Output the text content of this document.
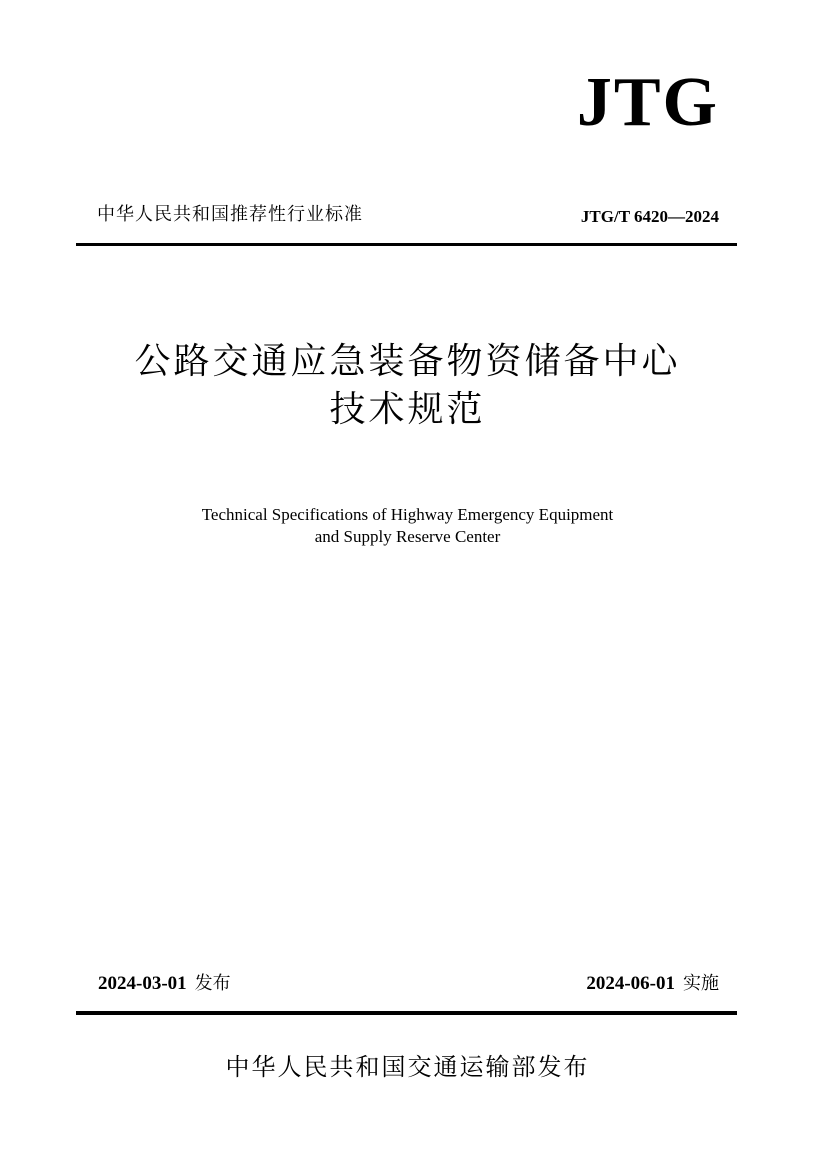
JTG
中华人民共和国推荐性行业标准	JTG/T 6420—2024
公路交通应急装备物资储备中心
技术规范
Technical Specifications of Highway Emergency Equipment
and Supply Reserve Center
2024-03-01 发布	2024-06-01 实施
中华人民共和国交通运输部发布
